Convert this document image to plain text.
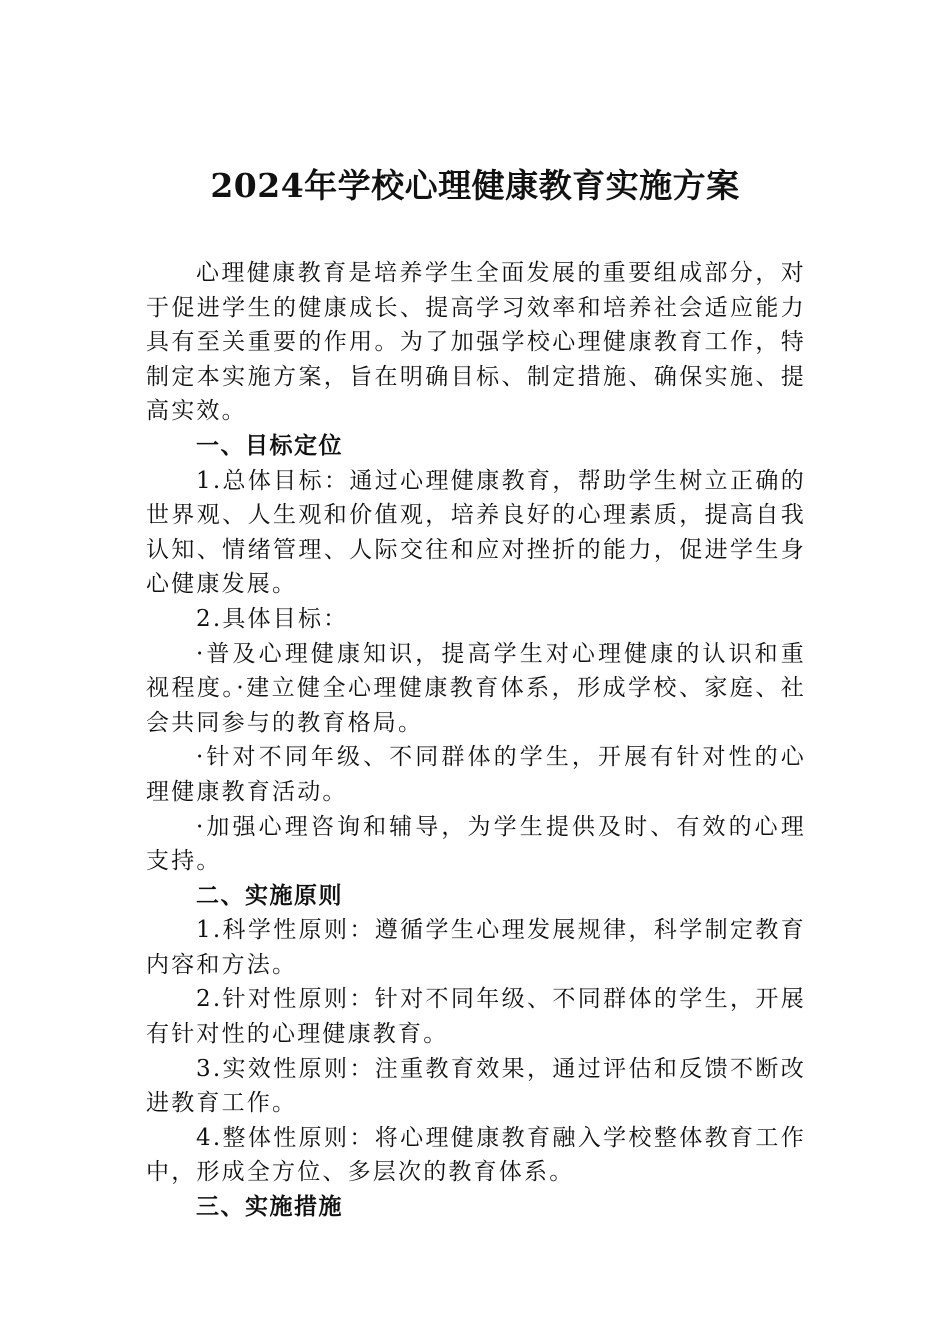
2024年学校心理健康教育实施方案

心理健康教育是培养学生全面发展的重要组成部分，对于促进学生的健康成长、提高学习效率和培养社会适应能力具有至关重要的作用。为了加强学校心理健康教育工作，特制定本实施方案，旨在明确目标、制定措施、确保实施、提高实效。

一、目标定位

1.总体目标：通过心理健康教育，帮助学生树立正确的世界观、人生观和价值观，培养良好的心理素质，提高自我认知、情绪管理、人际交往和应对挫折的能力，促进学生身心健康发展。

2.具体目标：

·普及心理健康知识，提高学生对心理健康的认识和重视程度。·建立健全心理健康教育体系，形成学校、家庭、社会共同参与的教育格局。

·针对不同年级、不同群体的学生，开展有针对性的心理健康教育活动。

·加强心理咨询和辅导，为学生提供及时、有效的心理支持。

二、实施原则

1.科学性原则：遵循学生心理发展规律，科学制定教育内容和方法。

2.针对性原则：针对不同年级、不同群体的学生，开展有针对性的心理健康教育。

3.实效性原则：注重教育效果，通过评估和反馈不断改进教育工作。

4.整体性原则：将心理健康教育融入学校整体教育工作中，形成全方位、多层次的教育体系。

三、实施措施
